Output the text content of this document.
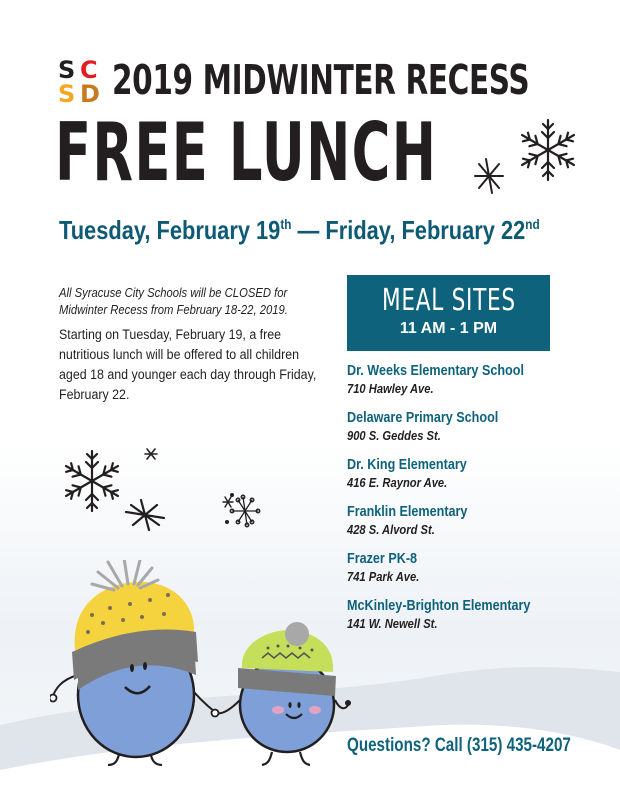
S C
S D 2019 MIDWINTER RECESS
FREE LUNCH
Tuesday, February 19th — Friday, February 22nd

All Syracuse City Schools will be CLOSED for Midwinter Recess from February 18-22, 2019.

Starting on Tuesday, February 19, a free nutritious lunch will be offered to all children aged 18 and younger each day through Friday, February 22.

MEAL SITES
11 AM - 1 PM
Dr. Weeks Elementary School
710 Hawley Ave.
Delaware Primary School
900 S. Geddes St.
Dr. King Elementary
416 E. Raynor Ave.
Franklin Elementary
428 S. Alvord St.
Frazer PK-8
741 Park Ave.
McKinley-Brighton Elementary
141 W. Newell St.
Questions? Call (315) 435-4207
